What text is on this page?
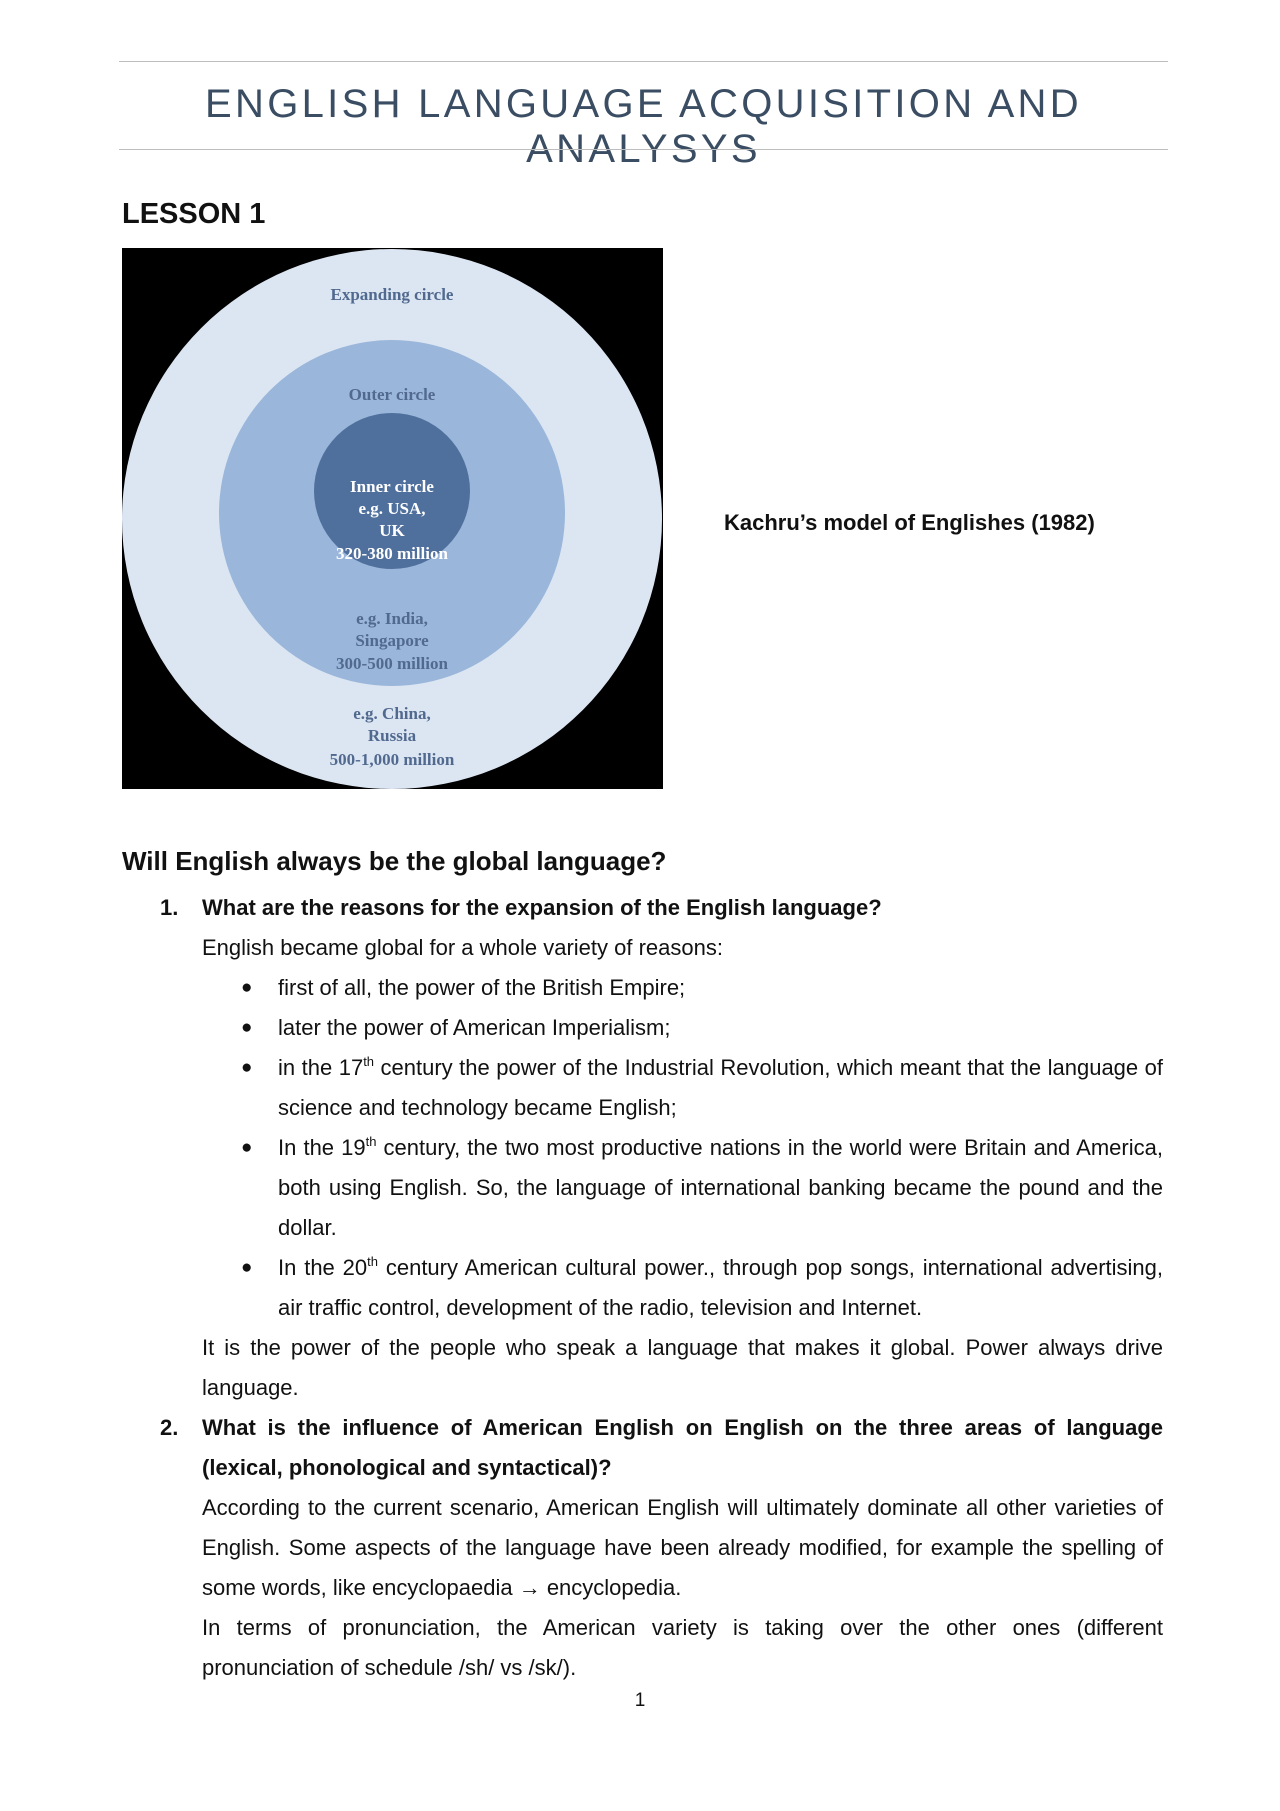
ENGLISH LANGUAGE ACQUISITION AND ANALYSYS
LESSON 1
Expanding circle
Outer circle
Inner circle
e.g. USA,
UK
320-380 million
e.g. India,
Singapore
300-500 million
e.g. China,
Russia
500-1,000 million
Kachru’s model of Englishes (1982)
Will English always be the global language?
1. What are the reasons for the expansion of the English language?
English became global for a whole variety of reasons:
● first of all, the power of the British Empire;
● later the power of American Imperialism;
● in the 17th century the power of the Industrial Revolution, which meant that the language of science and technology became English;
● In the 19th century, the two most productive nations in the world were Britain and America, both using English. So, the language of international banking became the pound and the dollar.
● In the 20th century American cultural power., through pop songs, international advertising, air traffic control, development of the radio, television and Internet.
It is the power of the people who speak a language that makes it global. Power always drive language.
2. What is the influence of American English on English on the three areas of language (lexical, phonological and syntactical)?
According to the current scenario, American English will ultimately dominate all other varieties of English. Some aspects of the language have been already modified, for example the spelling of some words, like encyclopaedia → encyclopedia.
In terms of pronunciation, the American variety is taking over the other ones (different pronunciation of schedule /sh/ vs /sk/).
1
